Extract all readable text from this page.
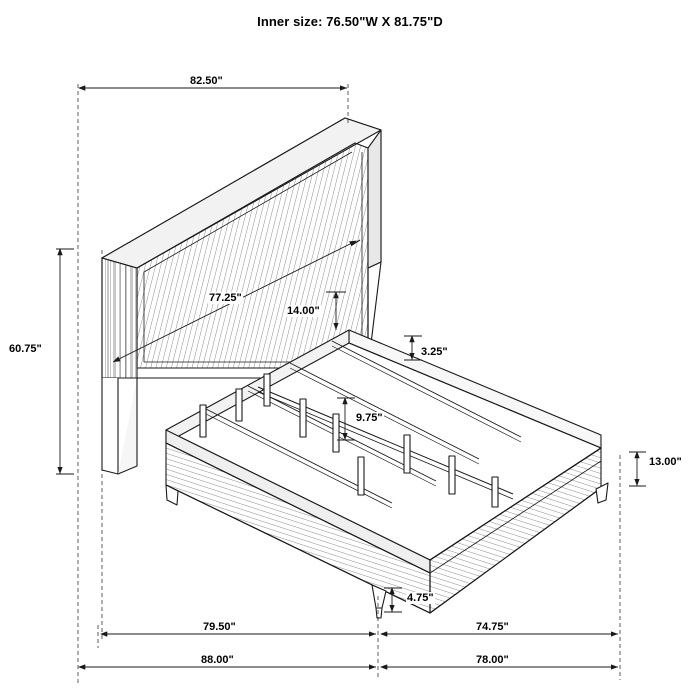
Inner size: 76.50"W X 81.75"D
82.50"
77.25"
60.75"
14.00"
3.25"
9.75"
13.00"
4.75"
79.50"	74.75"
88.00"	78.00"
